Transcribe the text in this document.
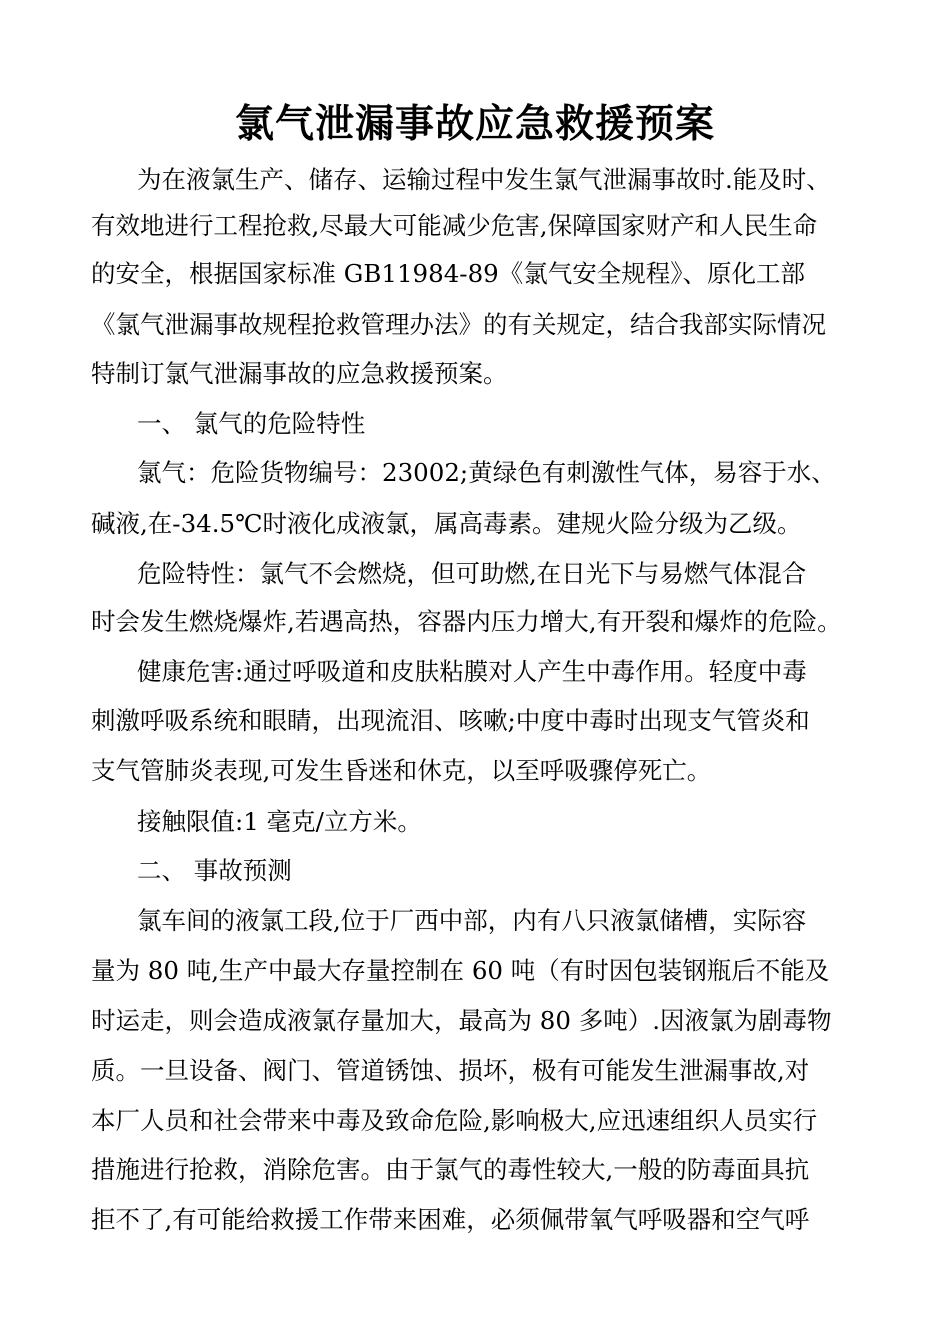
氯气泄漏事故应急救援预案

为在液氯生产、储存、运输过程中发生氯气泄漏事故时.能及时、

有效地进行工程抢救,尽最大可能减少危害,保障国家财产和人民生命

的安全，根据国家标准 GB11984-89《氯气安全规程》、原化工部

《氯气泄漏事故规程抢救管理办法》的有关规定，结合我部实际情况

特制订氯气泄漏事故的应急救援预案。

一、 氯气的危险特性

氯气：危险货物编号：23002;黄绿色有刺激性气体，易容于水、

碱液,在-34.5℃时液化成液氯，属高毒素。建规火险分级为乙级。

危险特性：氯气不会燃烧，但可助燃,在日光下与易燃气体混合

时会发生燃烧爆炸,若遇高热，容器内压力增大,有开裂和爆炸的危险。

健康危害:通过呼吸道和皮肤粘膜对人产生中毒作用。轻度中毒

刺激呼吸系统和眼睛，出现流泪、咳嗽;中度中毒时出现支气管炎和

支气管肺炎表现,可发生昏迷和休克，以至呼吸骤停死亡。

接触限值:1 毫克/立方米。

二、 事故预测

氯车间的液氯工段,位于厂西中部，内有八只液氯储槽，实际容

量为 80 吨,生产中最大存量控制在 60 吨（有时因包装钢瓶后不能及

时运走，则会造成液氯存量加大，最高为 80 多吨）.因液氯为剧毒物

质。一旦设备、阀门、管道锈蚀、损坏，极有可能发生泄漏事故,对

本厂人员和社会带来中毒及致命危险,影响极大,应迅速组织人员实行

措施进行抢救，消除危害。由于氯气的毒性较大,一般的防毒面具抗

拒不了,有可能给救援工作带来困难，必须佩带氧气呼吸器和空气呼
